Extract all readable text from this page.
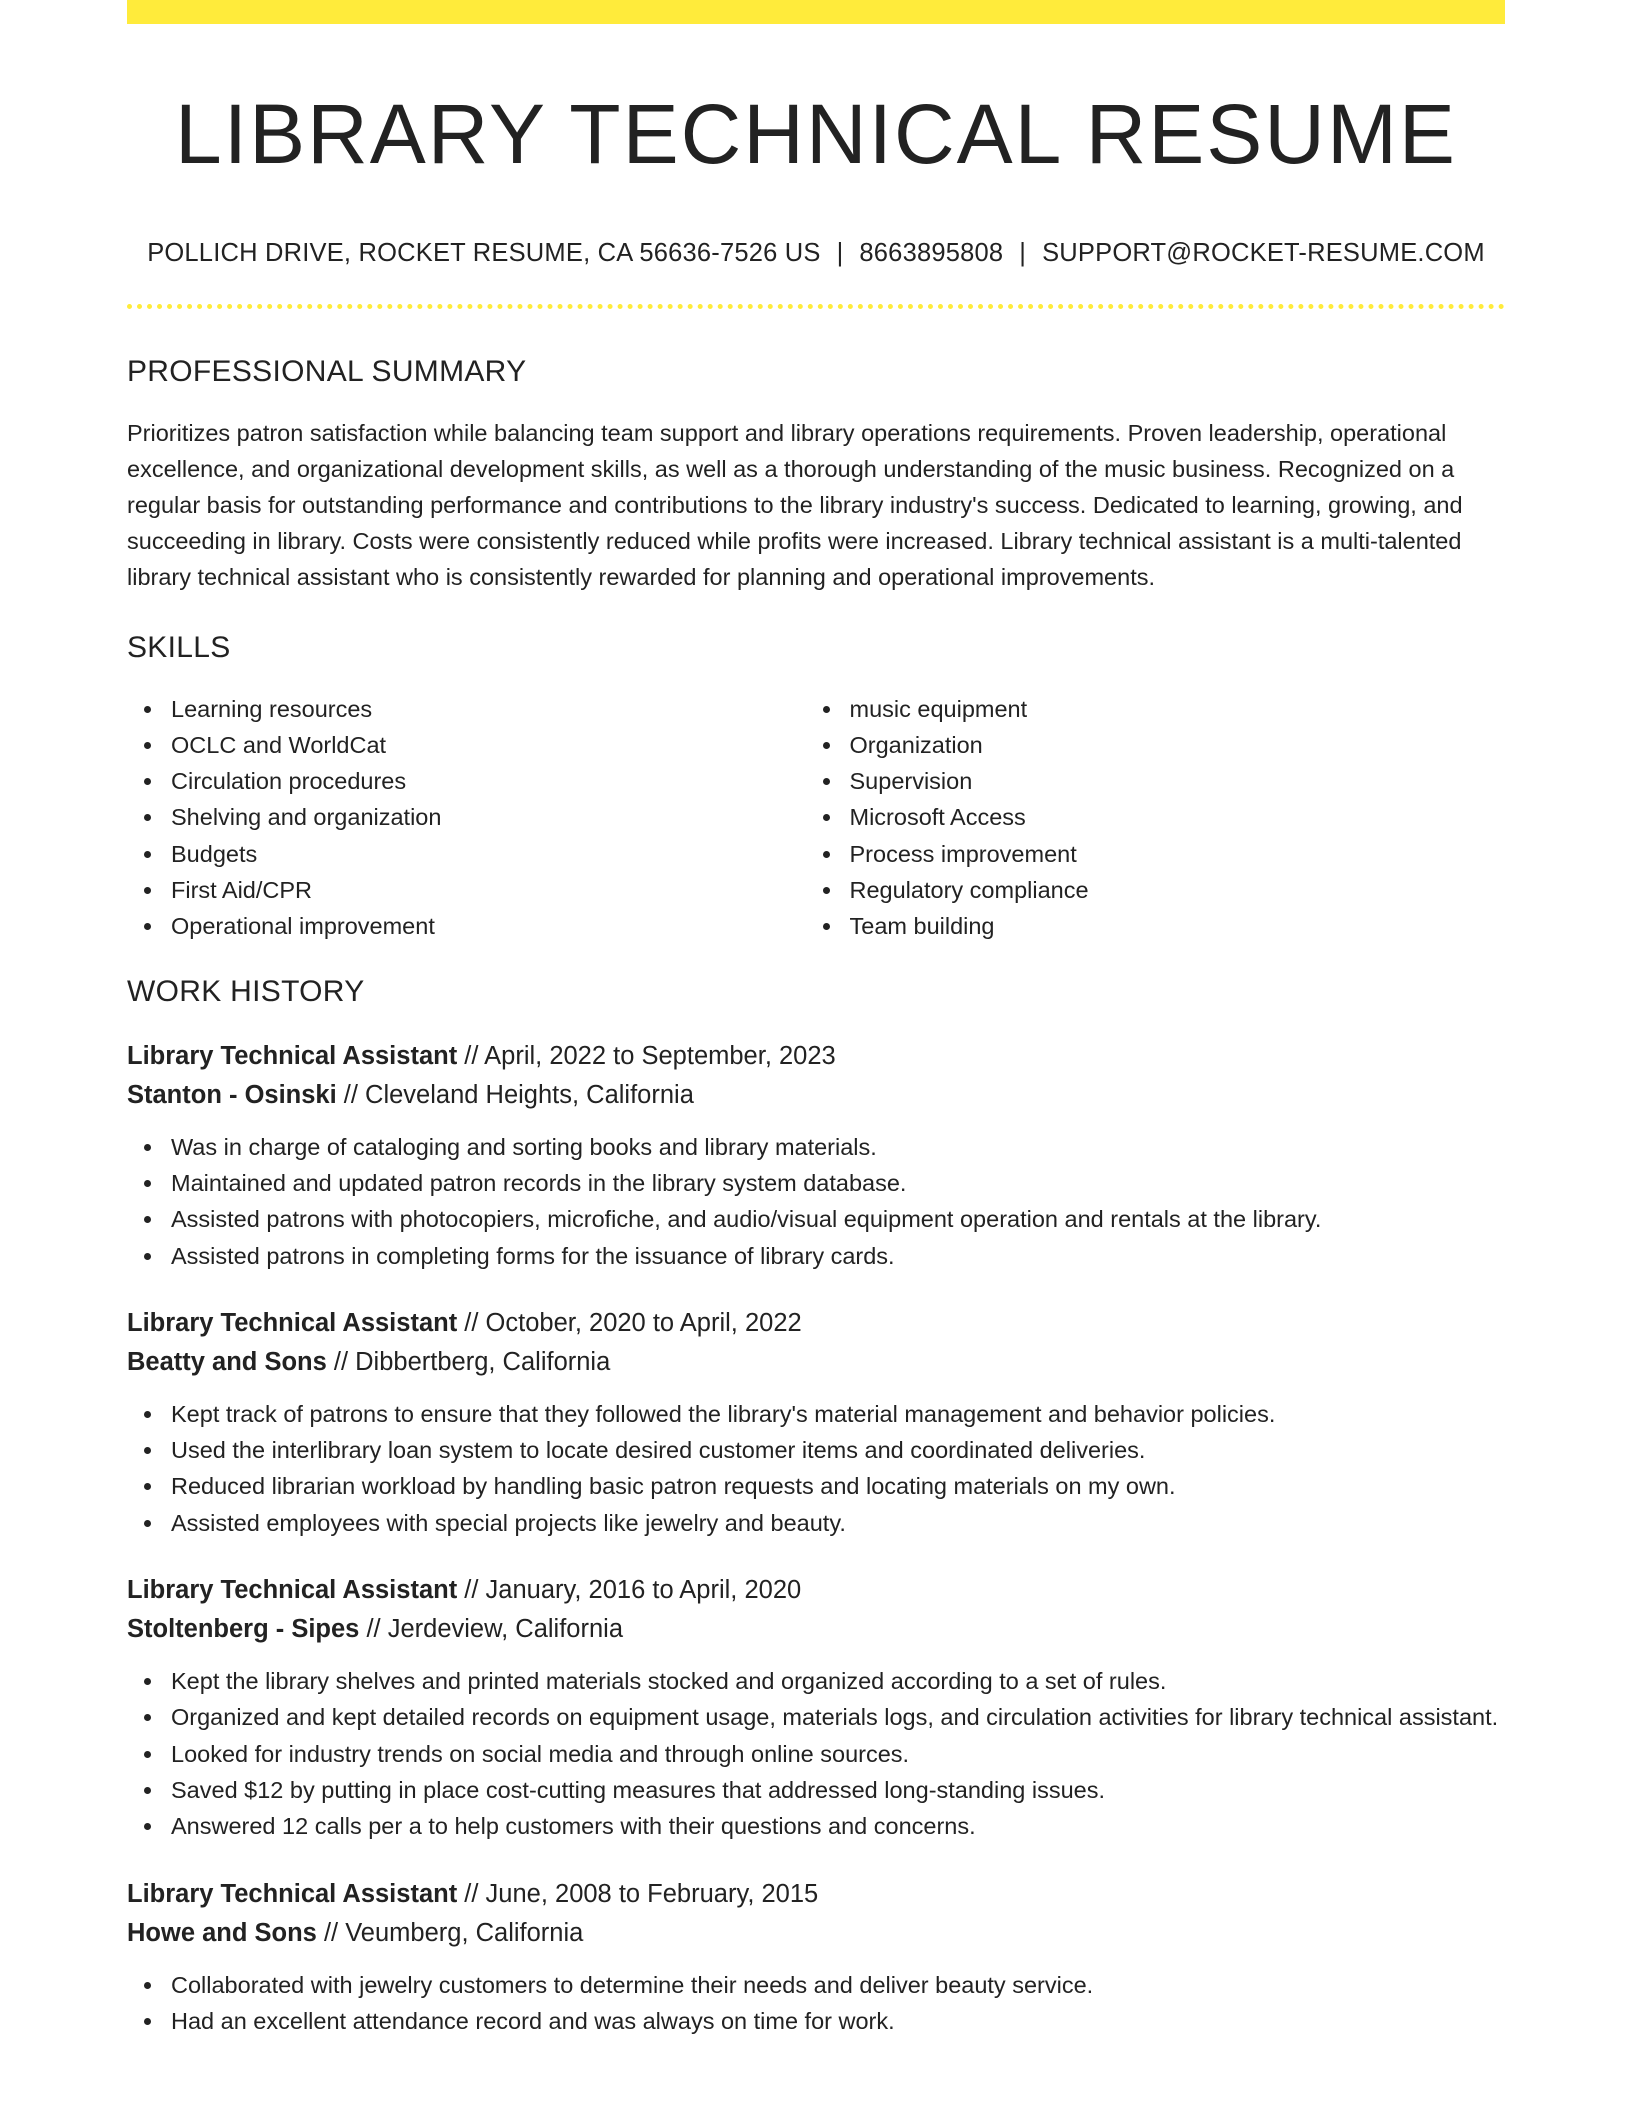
LIBRARY TECHNICAL RESUME
POLLICH DRIVE, ROCKET RESUME, CA 56636-7526 US | 8663895808 | SUPPORT@ROCKET-RESUME.COM
PROFESSIONAL SUMMARY

Prioritizes patron satisfaction while balancing team support and library operations requirements. Proven leadership, operational excellence, and organizational development skills, as well as a thorough understanding of the music business. Recognized on a regular basis for outstanding performance and contributions to the library industry's success. Dedicated to learning, growing, and succeeding in library. Costs were consistently reduced while profits were increased. Library technical assistant is a multi-talented library technical assistant who is consistently rewarded for planning and operational improvements.

SKILLS
Learning resources
OCLC and WorldCat
Circulation procedures
Shelving and organization
Budgets
First Aid/CPR
Operational improvement
music equipment
Organization
Supervision
Microsoft Access
Process improvement
Regulatory compliance
Team building
WORK HISTORY
Library Technical Assistant // April, 2022 to September, 2023
Stanton - Osinski // Cleveland Heights, California
Was in charge of cataloging and sorting books and library materials.
Maintained and updated patron records in the library system database.
Assisted patrons with photocopiers, microfiche, and audio/visual equipment operation and rentals at the library.
Assisted patrons in completing forms for the issuance of library cards.
Library Technical Assistant // October, 2020 to April, 2022
Beatty and Sons // Dibbertberg, California
Kept track of patrons to ensure that they followed the library's material management and behavior policies.
Used the interlibrary loan system to locate desired customer items and coordinated deliveries.
Reduced librarian workload by handling basic patron requests and locating materials on my own.
Assisted employees with special projects like jewelry and beauty.
Library Technical Assistant // January, 2016 to April, 2020
Stoltenberg - Sipes // Jerdeview, California
Kept the library shelves and printed materials stocked and organized according to a set of rules.
Organized and kept detailed records on equipment usage, materials logs, and circulation activities for library technical assistant.
Looked for industry trends on social media and through online sources.
Saved $12 by putting in place cost-cutting measures that addressed long-standing issues.
Answered 12 calls per a to help customers with their questions and concerns.
Library Technical Assistant // June, 2008 to February, 2015
Howe and Sons // Veumberg, California
Collaborated with jewelry customers to determine their needs and deliver beauty service.
Had an excellent attendance record and was always on time for work.
